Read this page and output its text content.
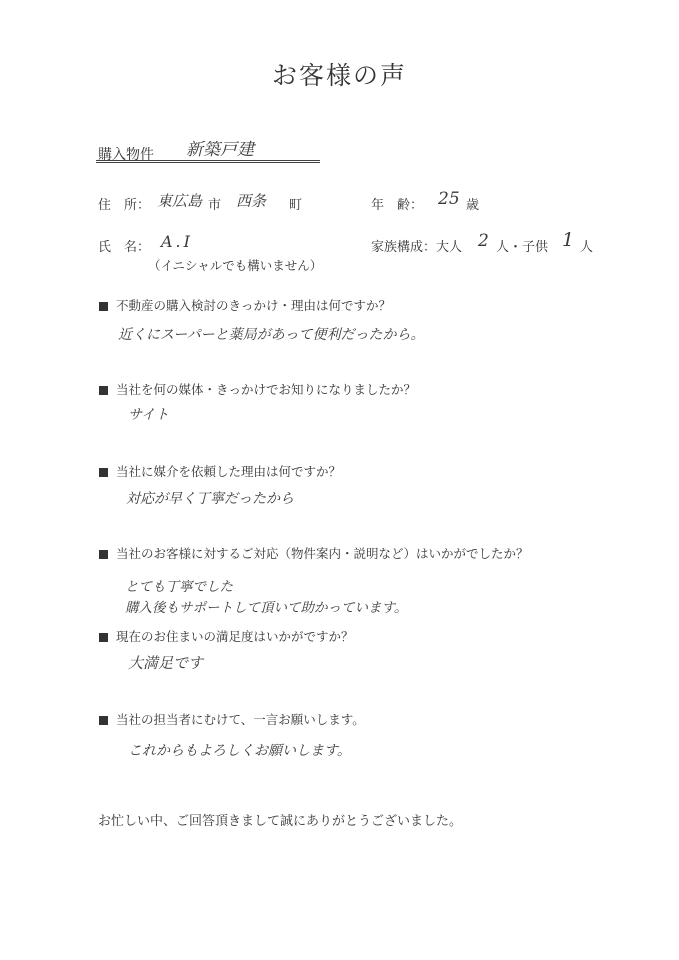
お客様の声
購入物件 新築戸建
住　所： 東広島 市 西条 町	年　齢： 25 歳
氏　名： A.I
（イニシャルでも構いません）
家族構成：大人 2 人・子供 1 人
不動産の購入検討のきっかけ・理由は何ですか？
近くにスーパーと薬局があって便利だったから。
当社を何の媒体・きっかけでお知りになりましたか？
サイト
当社に媒介を依頼した理由は何ですか？
対応が早く丁寧だったから
当社のお客様に対するご対応（物件案内・説明など）はいかがでしたか？
とても丁寧でした
購入後もサポートして頂いて助かっています。
現在のお住まいの満足度はいかがですか？
大満足です
当社の担当者にむけて、一言お願いします。
これからもよろしくお願いします。
お忙しい中、ご回答頂きまして誠にありがとうございました。
